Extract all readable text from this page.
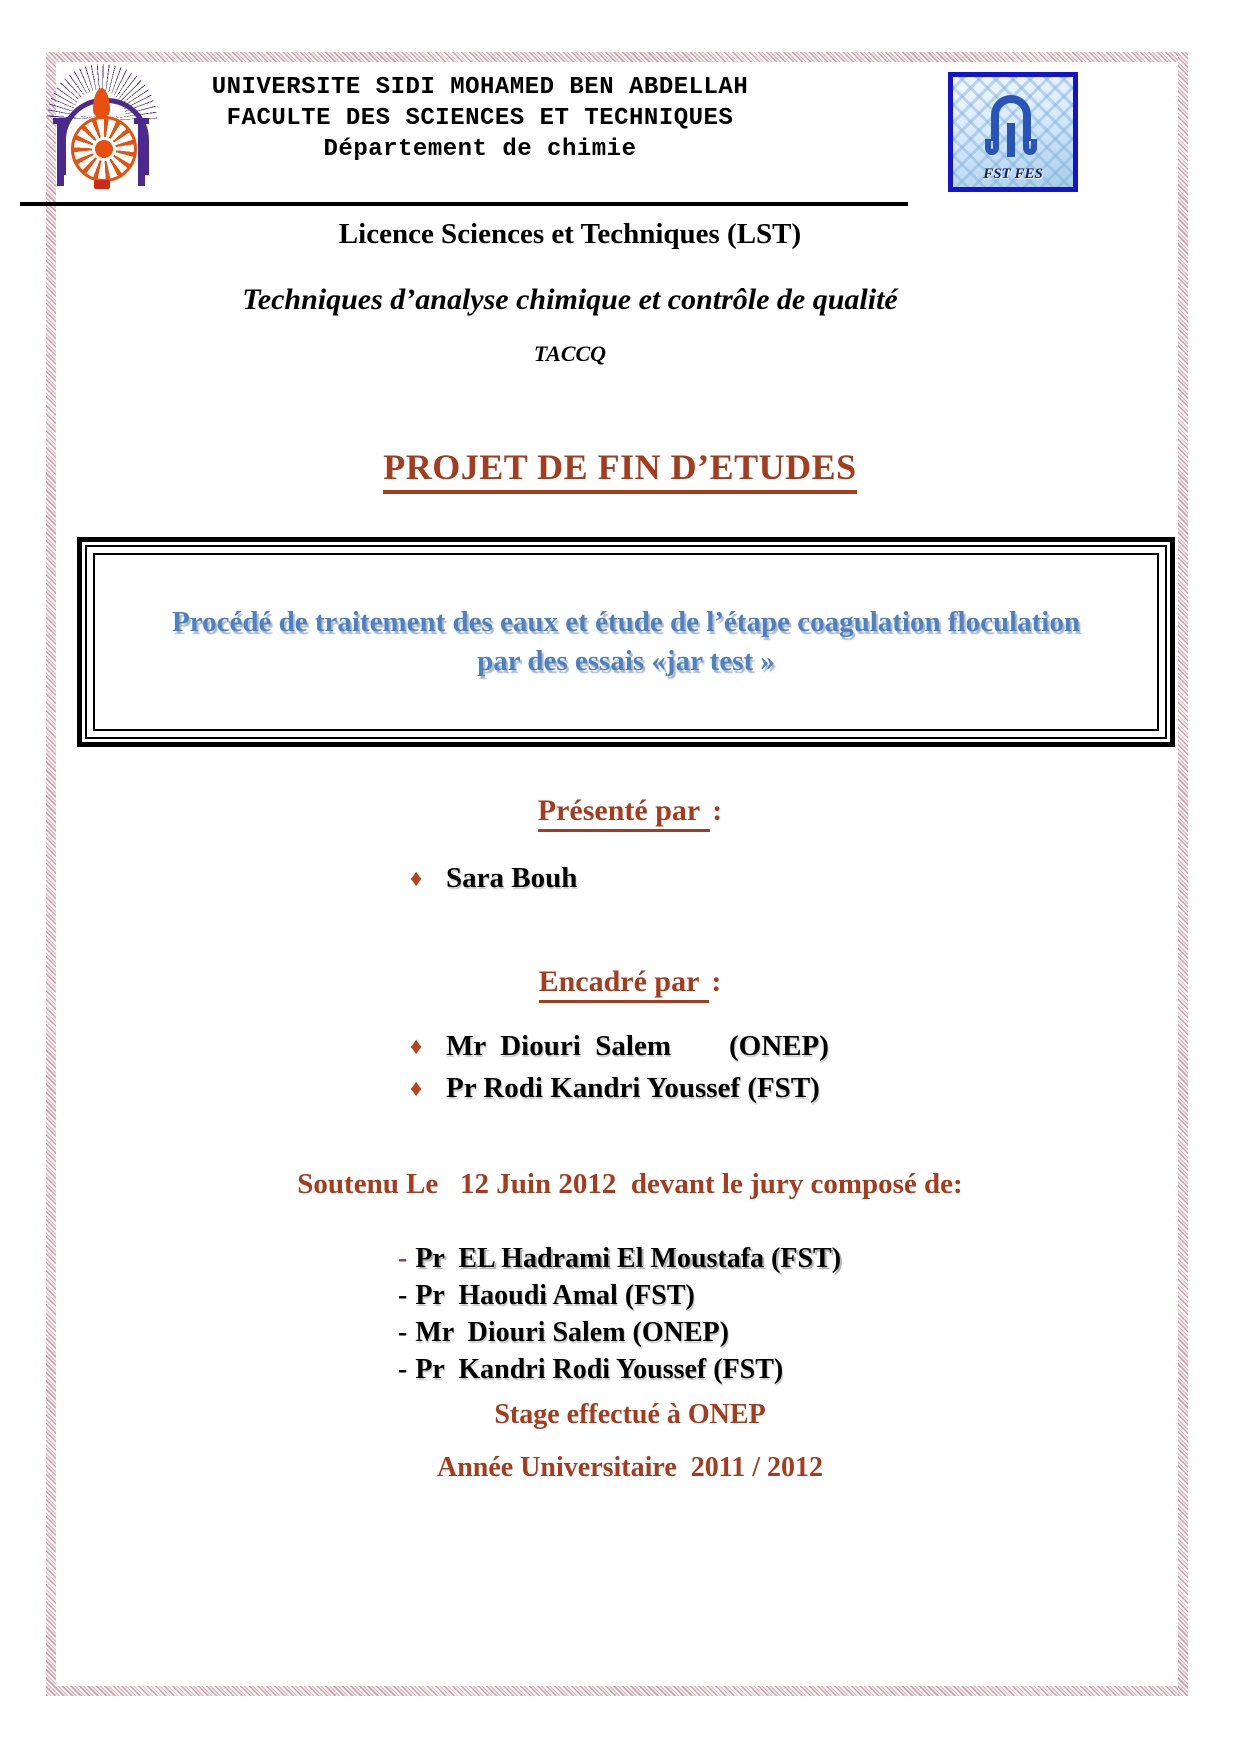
UNIVERSITE SIDI MOHAMED BEN ABDELLAH
FACULTE DES SCIENCES ET TECHNIQUES
Département de chimie
FST FES
Licence Sciences et Techniques (LST)
Techniques d’analyse chimique et contrôle de qualité
TACCQ
PROJET DE FIN D’ETUDES
Procédé de traitement des eaux et étude de l’étape coagulation floculation
par des essais «jar test »
Présenté par :
♦ Sara Bouh
Encadré par :
♦ Mr  Diouri  Salem        (ONEP)
♦ Pr Rodi Kandri Youssef (FST)
Soutenu Le   12 Juin 2012  devant le jury composé de:
- Pr  EL Hadrami El Moustafa (FST)
- Pr  Haoudi Amal (FST)
- Mr  Diouri Salem (ONEP)
- Pr  Kandri Rodi Youssef (FST)
Stage effectué à ONEP
Année Universitaire  2011 / 2012
